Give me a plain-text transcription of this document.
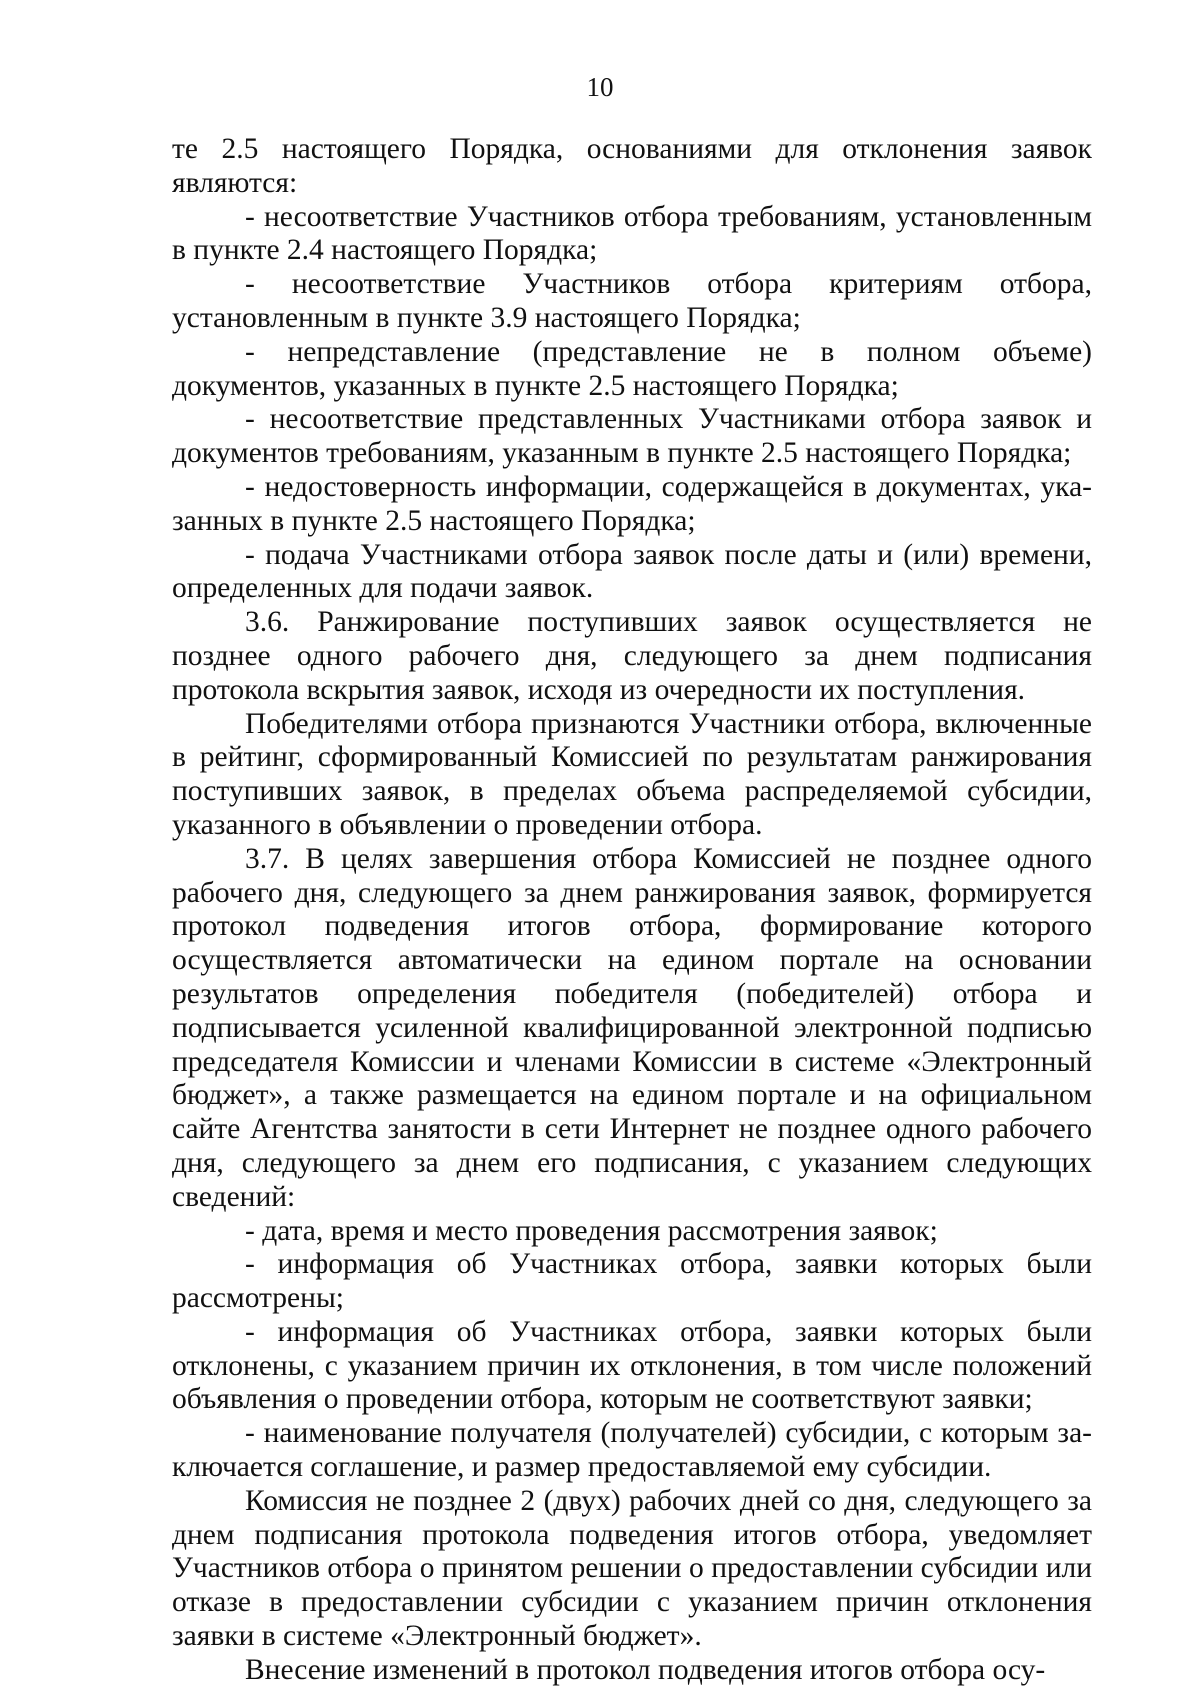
10

те 2.5 настоящего Порядка, основаниями для отклонения заявок являются:

- несоответствие Участников отбора требованиям, установленным в пункте 2.4 настоящего Порядка;

- несоответствие Участников отбора критериям отбора, установленным в пункте 3.9 настоящего Порядка;

- непредставление (представление не в полном объеме) документов, указанных в пункте 2.5 настоящего Порядка;

- несоответствие представленных Участниками отбора заявок и документов требованиям, указанным в пункте 2.5 настоящего Порядка;

- недостоверность информации, содержащейся в документах, указанных в пункте 2.5 настоящего Порядка;

- подача Участниками отбора заявок после даты и (или) времени, определенных для подачи заявок.

3.6. Ранжирование поступивших заявок осуществляется не позднее одного рабочего дня, следующего за днем подписания протокола вскрытия заявок, исходя из очередности их поступления.

Победителями отбора признаются Участники отбора, включенные в рейтинг, сформированный Комиссией по результатам ранжирования поступивших заявок, в пределах объема распределяемой субсидии, указанного в объявлении о проведении отбора.

3.7. В целях завершения отбора Комиссией не позднее одного рабочего дня, следующего за днем ранжирования заявок, формируется протокол подведения итогов отбора, формирование которого осуществляется автоматически на едином портале на основании результатов определения победителя (победителей) отбора и подписывается усиленной квалифицированной электронной подписью председателя Комиссии и членами Комиссии в системе «Электронный бюджет», а также размещается на едином портале и на официальном сайте Агентства занятости в сети Интернет не позднее одного рабочего дня, следующего за днем его подписания, с указанием следующих сведений:

- дата, время и место проведения рассмотрения заявок;

- информация об Участниках отбора, заявки которых были рассмотрены;

- информация об Участниках отбора, заявки которых были отклонены, с указанием причин их отклонения, в том числе положений объявления о проведении отбора, которым не соответствуют заявки;

- наименование получателя (получателей) субсидии, с которым заключается соглашение, и размер предоставляемой ему субсидии.

Комиссия не позднее 2 (двух) рабочих дней со дня, следующего за днем подписания протокола подведения итогов отбора, уведомляет Участников отбора о принятом решении о предоставлении субсидии или отказе в предоставлении субсидии с указанием причин отклонения заявки в системе «Электронный бюджет».

Внесение изменений в протокол подведения итогов отбора осу-
